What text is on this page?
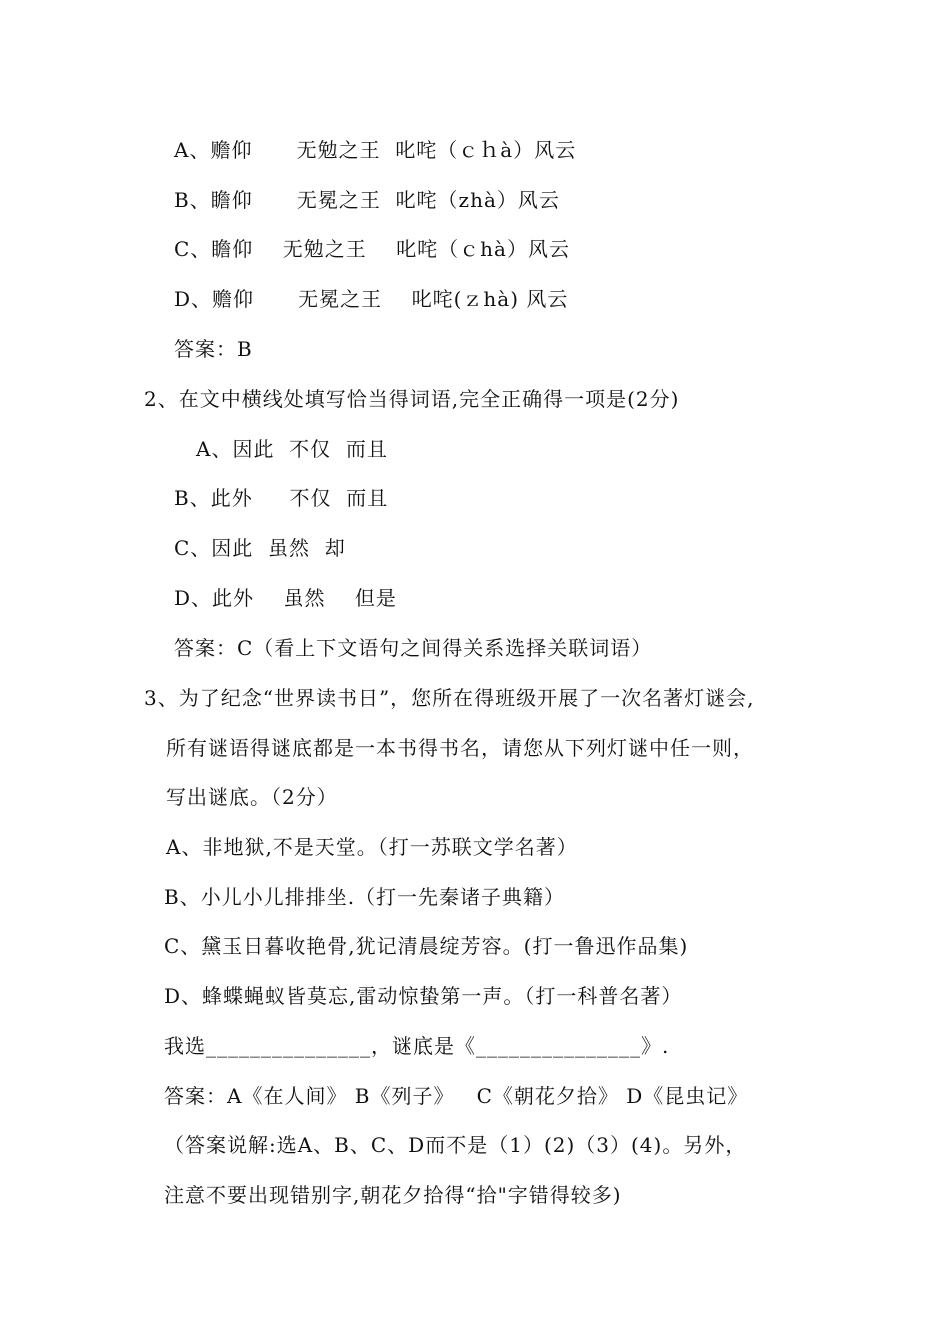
A、赡仰      无勉之王  叱咤（ｃｈà）风云
B、瞻仰      无冕之王  叱咤（zhà）风云
C、瞻仰    无勉之王    叱咤（ｃhà）风云
D、赡仰      无冕之王    叱咤(ｚhà) 风云
答案：B
2、在文中横线处填写恰当得词语,完全正确得一项是(2分)
A、因此  不仅  而且
B、此外     不仅  而且
C、因此  虽然  却
D、此外    虽然    但是
答案：C（看上下文语句之间得关系选择关联词语）
3、为了纪念“世界读书日”，您所在得班级开展了一次名著灯谜会,
所有谜语得谜底都是一本书得书名，请您从下列灯谜中任一则，
写出谜底。（2分）
A、非地狱,不是天堂。（打一苏联文学名著）
B、小儿小儿排排坐.（打一先秦诸子典籍）
C、黛玉日暮收艳骨,犹记清晨绽芳容。(打一鲁迅作品集)
D、蜂蝶蝇蚁皆莫忘,雷动惊蛰第一声。（打一科普名著）
我选_______________，谜底是《_______________》.
答案：A《在人间》 B《列子》   C《朝花夕拾》 D《昆虫记》
（答案说解:选A、B、C、D而不是（1）(2)（3）(4)。另外，
注意不要出现错别字,朝花夕拾得“拾"字错得较多)
